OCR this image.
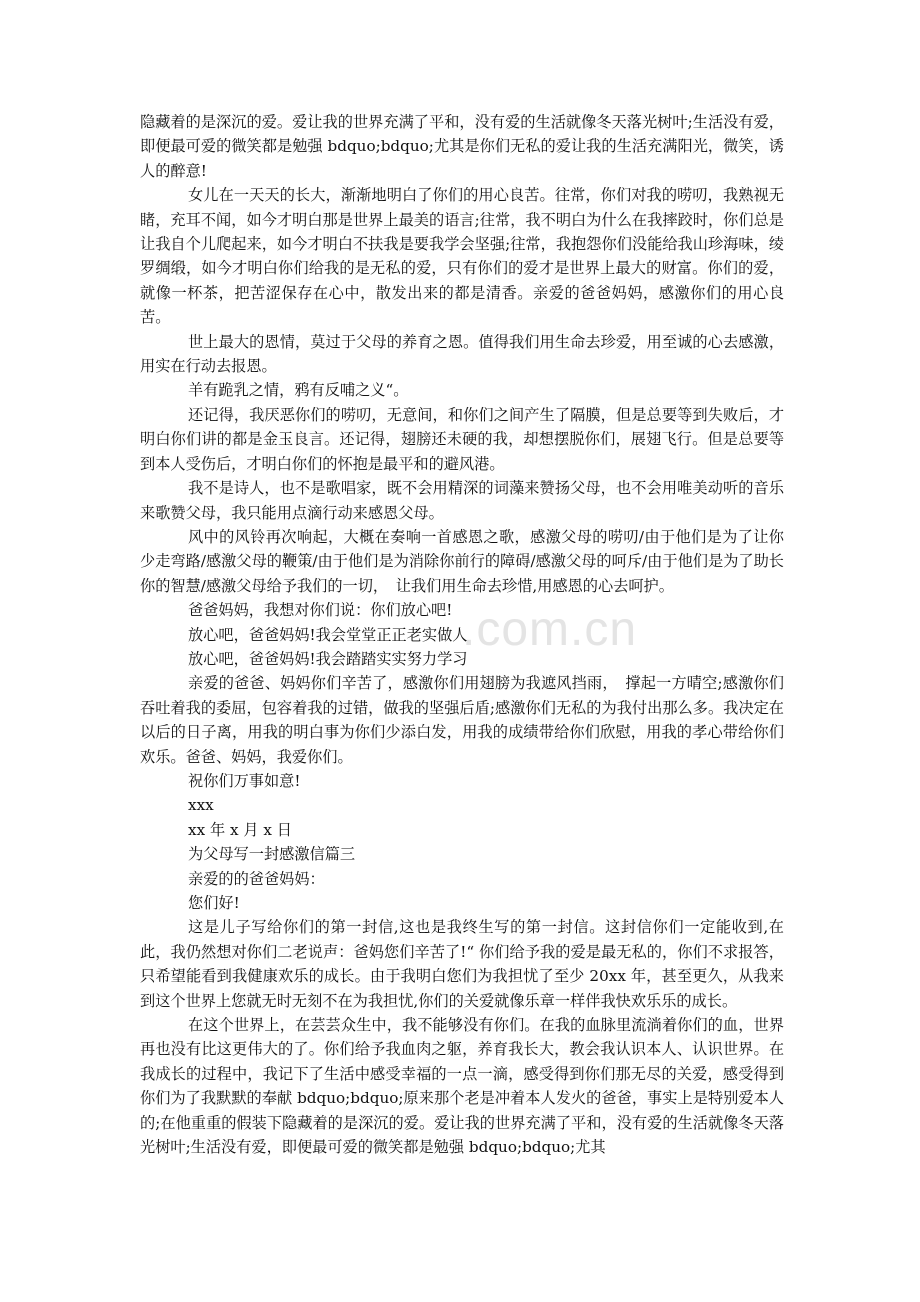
.com.cn

隐藏着的是深沉的爱。爱让我的世界充满了平和，没有爱的生活就像冬天落光树叶;生活没有爱，即便最可爱的微笑都是勉强 bdquo;bdquo;尤其是你们无私的爱让我的生活充满阳光，微笑，诱人的醉意!

女儿在一天天的长大，渐渐地明白了你们的用心良苦。往常，你们对我的唠叨，我熟视无睹，充耳不闻，如今才明白那是世界上最美的语言;往常，我不明白为什么在我摔跤时，你们总是让我自个儿爬起来，如今才明白不扶我是要我学会坚强;往常，我抱怨你们没能给我山珍海味，绫罗绸缎，如今才明白你们给我的是无私的爱，只有你们的爱才是世界上最大的财富。你们的爱，就像一杯茶，把苦涩保存在心中，散发出来的都是清香。亲爱的爸爸妈妈，感激你们的用心良苦。

世上最大的恩情，莫过于父母的养育之恩。值得我们用生命去珍爱，用至诚的心去感激，用实在行动去报恩。

羊有跪乳之情，鸦有反哺之义“。

还记得，我厌恶你们的唠叨，无意间，和你们之间产生了隔膜，但是总要等到失败后，才明白你们讲的都是金玉良言。还记得，翅膀还未硬的我，却想摆脱你们，展翅飞行。但是总要等到本人受伤后，才明白你们的怀抱是最平和的避风港。

我不是诗人，也不是歌唱家，既不会用精深的词藻来赞扬父母，也不会用唯美动听的音乐来歌赞父母，我只能用点滴行动来感恩父母。

风中的风铃再次响起，大概在奏响一首感恩之歌，感激父母的唠叨/由于他们是为了让你少走弯路/感激父母的鞭策/由于他们是为消除你前行的障碍/感激父母的呵斥/由于他们是为了助长你的智慧/感激父母给予我们的一切，　让我们用生命去珍惜,用感恩的心去呵护。

爸爸妈妈，我想对你们说：你们放心吧!

放心吧，爸爸妈妈!我会堂堂正正老实做人

放心吧，爸爸妈妈!我会踏踏实实努力学习

亲爱的爸爸、妈妈你们辛苦了，感激你们用翅膀为我遮风挡雨，　撑起一方晴空;感激你们吞吐着我的委屈，包容着我的过错，做我的坚强后盾;感激你们无私的为我付出那么多。我决定在以后的日子离，用我的明白事为你们少添白发，用我的成绩带给你们欣慰，用我的孝心带给你们欢乐。爸爸、妈妈，我爱你们。

祝你们万事如意!

xxx

xx 年 x 月 x 日

为父母写一封感激信篇三

亲爱的的爸爸妈妈：

您们好!

这是儿子写给你们的第一封信,这也是我终生写的第一封信。这封信你们一定能收到,在此，我仍然想对你们二老说声：爸妈您们辛苦了!“ 你们给予我的爱是最无私的，你们不求报答，只希望能看到我健康欢乐的成长。由于我明白您们为我担忧了至少 20xx 年，甚至更久，从我来到这个世界上您就无时无刻不在为我担忧,你们的关爱就像乐章一样伴我快欢乐乐的成长。

在这个世界上，在芸芸众生中，我不能够没有你们。在我的血脉里流淌着你们的血，世界再也没有比这更伟大的了。你们给予我血肉之躯，养育我长大，教会我认识本人、认识世界。在我成长的过程中，我记下了生活中感受幸福的一点一滴，感受得到你们那无尽的关爱，感受得到你们为了我默默的奉献 bdquo;bdquo;原来那个老是冲着本人发火的爸爸，事实上是特别爱本人的;在他重重的假装下隐藏着的是深沉的爱。爱让我的世界充满了平和，没有爱的生活就像冬天落光树叶;生活没有爱，即便最可爱的微笑都是勉强 bdquo;bdquo;尤其
